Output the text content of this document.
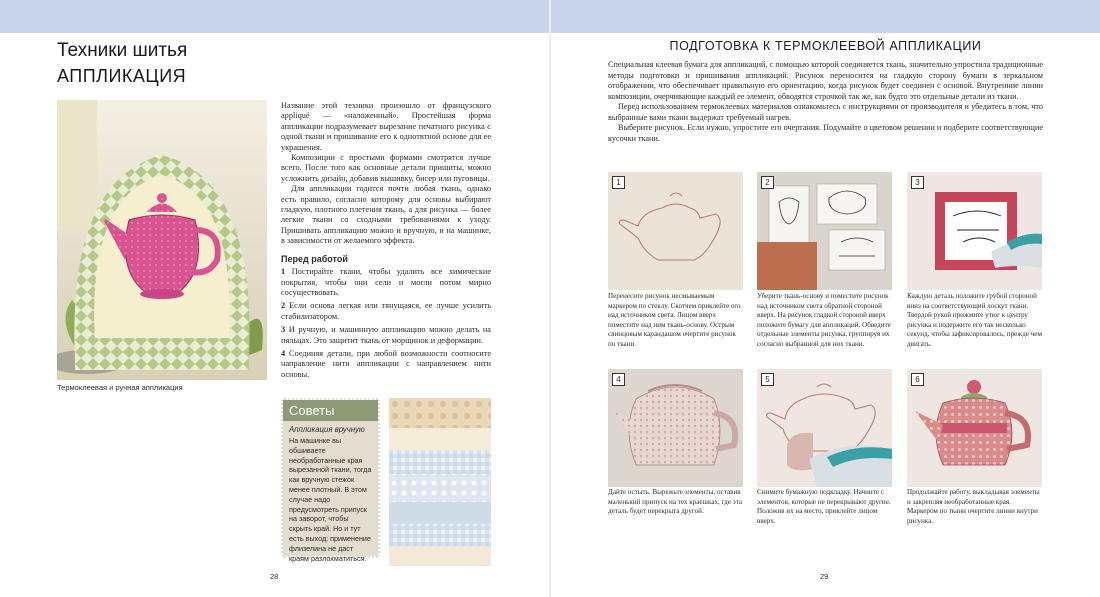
Техники шитья
АППЛИКАЦИЯ
Термоклеевая и ручная аппликация

Название этой техники произошло от французского appliqué — «наложенный». Простейшая форма аппликации подразумевает вырезание печатного рисунка с одной ткани и пришивание его к однотвтной основе для ее украшения.

Композиции с простыми формами смотрятся лучше всего. После того как основные детали пришиты, можно усложнить дизайн, добавив вышивку, бисер или пуговицы.

Для аппликации годится почти любая ткань, однако есть правило, согласно которому для основы выбирают гладкую, плотного плетения ткань, а для рисунка — более легкие ткани со сходными требованиями к уходу. Пришивать аппликацию можно и вручную, и на машинке, в зависимости от желаемого эффекта.

Перед работой

1 Постирайте ткани, чтобы удалить все химические покрытия, чтобы они сели и могли потом мирно сосуществовать.

2 Если основа легкая или тянущаяся, ее лучше усилить стабилизатором.

3 И ручную, и машинную аппликацию можно делать на пяльцах. Это защитит ткань от морщинок и деформации.

4 Соединяя детали, при любой возможности соотносите направление нити аппликации с направлением нити основы.

Советы
Аппликация вручную
На машинке вы обшиваете необработанные края вырезанной ткани, тогда как вручную стежок менее плотный. В этом случае надо предусмотреть припуск на заворот, чтобы скрыть край. Но и тут есть выход: применение флизелина не даст краям разлохматиться.
28
ПОДГОТОВКА К ТЕРМОКЛЕЕВОЙ АППЛИКАЦИИ

Специальная клеевая бумага для аппликаций, с помощью которой соединяется ткань, значительно упростила традиционные методы подготовки и пришивания аппликаций. Рисунок переносится на гладкую сторону бумаги в зеркальном отображении, что обеспечивает правильную его ориентацию, когда рисунок будет соединен с основой. Внутренние линии композиции, очерчивающие каждый ее элемент, обводятся строчкой так же, как будто это отдельные детали из ткани.

Перед использованием термоклеевых материалов ознакомьтесь с инструкциями от производителя и убедитесь в том, что выбранные вами ткани выдержат требуемый нагрев.

Выберите рисунок. Если нужно, упростите его очертания. Подумайте о цветовом решении и подберите соответствующие кусочки ткани.

1
Перенесите рисунок несмываемым маркером по стеклу. Скотчем приклейте его над источником света. Лицом вверх поместите над ним ткань-основу. Острым свинцовым карандашом очертите рисунок по ткани.
2
Уберите ткань-основу и поместите рисунок над источником света обратной стороной вверх. На рисунок гладкой стороной вверх положите бумагу для аппликаций. Обведите отдельные элементы рисунка, группируя их согласно выбранной для них ткани.
3
Каждую деталь положите грубой стороной вниз на соответствующий лоскут ткани. Твердой рукой прижмите утюг к центру рисунка и подержите его так несколько секунд, чтобы зафиксировалось, прежде чем двигать.
4
Дайте остыть. Вырежьте элементы, оставив маленький припуск на тех краешках, где эта деталь будет перекрыта другой.
5
Снимите бумажную подкладку. Начните с элементов, которые не перекрывают другие. Положив их на место, приклейте лицом вверх.
6
Продолжайте работу, выкладывая элементы и закрепляя необработанные края. Маркером по ткани очертите линии внутри рисунка.
29
